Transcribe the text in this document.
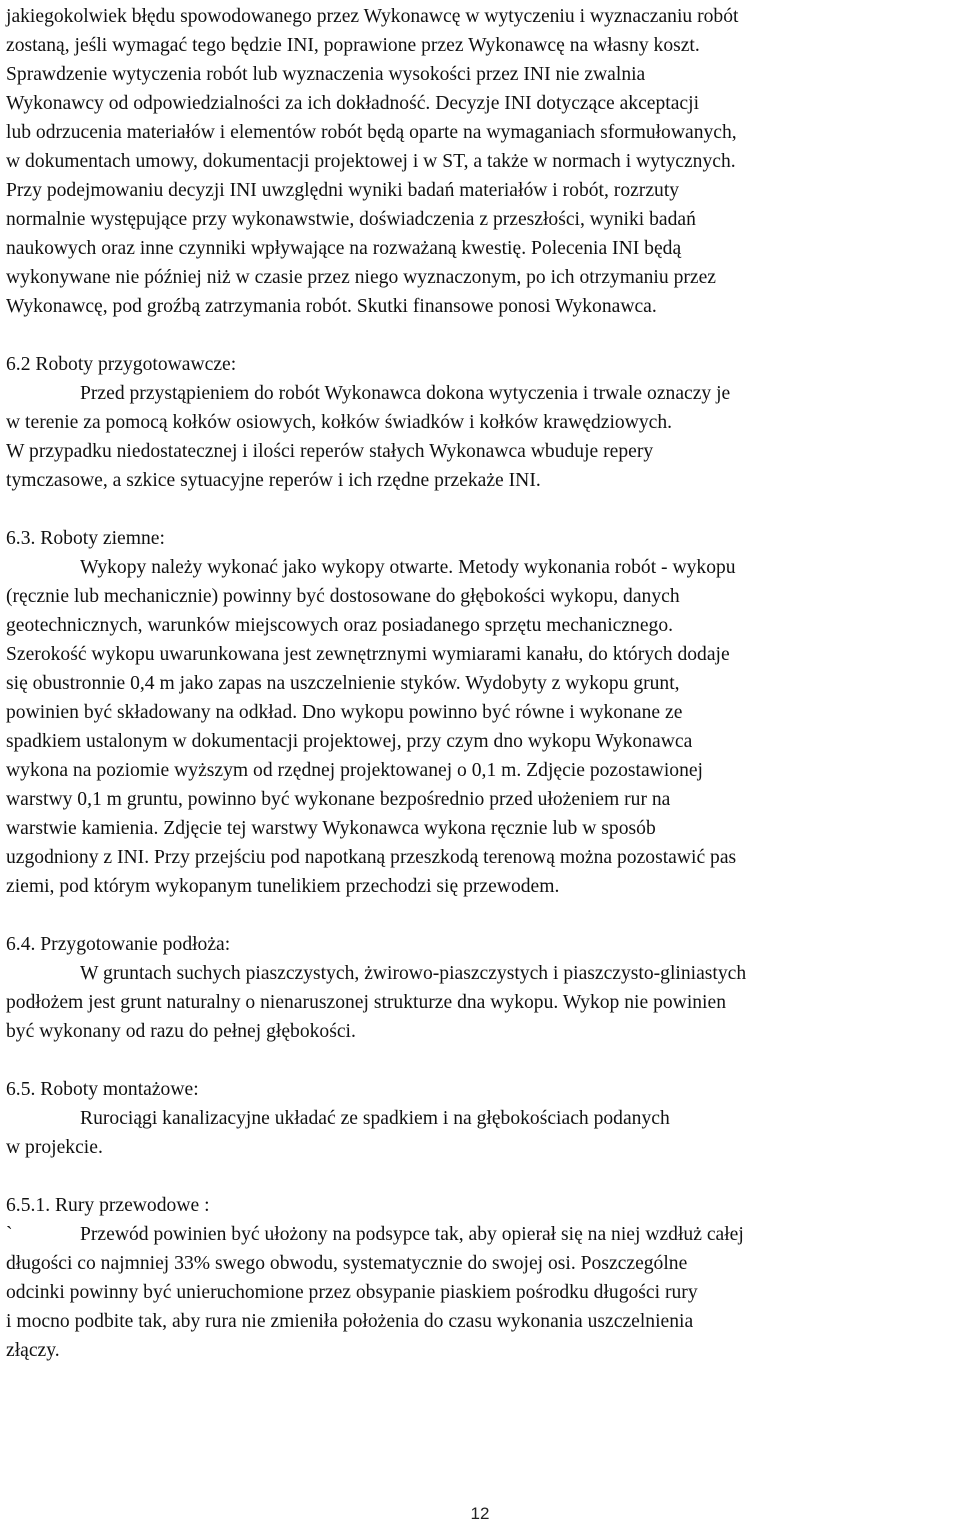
jakiegokolwiek błędu spowodowanego przez Wykonawcę w wytyczeniu i wyznaczaniu robót
zostaną, jeśli wymagać tego będzie INI, poprawione przez Wykonawcę na własny koszt.
Sprawdzenie wytyczenia robót lub wyznaczenia wysokości przez INI nie zwalnia
Wykonawcy od odpowiedzialności za ich dokładność. Decyzje INI dotyczące akceptacji
lub odrzucenia materiałów i elementów robót będą oparte na wymaganiach sformułowanych,
w dokumentach umowy, dokumentacji projektowej i w ST, a także w normach i wytycznych.
Przy podejmowaniu decyzji INI uwzględni wyniki badań materiałów i robót, rozrzuty
normalnie występujące przy wykonawstwie, doświadczenia z przeszłości, wyniki badań
naukowych oraz inne czynniki wpływające na rozważaną kwestię. Polecenia INI będą
wykonywane nie później niż w czasie przez niego wyznaczonym, po ich otrzymaniu przez
Wykonawcę, pod groźbą zatrzymania robót. Skutki finansowe ponosi Wykonawca.

6.2 Roboty przygotowawcze:
Przed przystąpieniem do robót Wykonawca dokona wytyczenia i trwale oznaczy je
w terenie za pomocą kołków osiowych, kołków świadków i kołków krawędziowych.
W przypadku niedostatecznej i ilości reperów stałych Wykonawca wbuduje repery
tymczasowe, a szkice sytuacyjne reperów i ich rzędne przekaże INI.
6.3. Roboty ziemne:
Wykopy należy wykonać jako wykopy otwarte. Metody wykonania robót - wykopu
(ręcznie lub mechanicznie) powinny być dostosowane do głębokości wykopu, danych
geotechnicznych, warunków miejscowych oraz posiadanego sprzętu mechanicznego.
Szerokość wykopu uwarunkowana jest zewnętrznymi wymiarami kanału, do których dodaje
się obustronnie 0,4 m jako zapas na uszczelnienie styków. Wydobyty z wykopu grunt,
powinien być składowany na odkład. Dno wykopu powinno być równe i wykonane ze
spadkiem ustalonym w dokumentacji projektowej, przy czym dno wykopu Wykonawca
wykona na poziomie wyższym od rzędnej projektowanej o 0,1 m. Zdjęcie pozostawionej
warstwy 0,1 m gruntu, powinno być wykonane bezpośrednio przed ułożeniem rur na
warstwie kamienia. Zdjęcie tej warstwy Wykonawca wykona ręcznie lub w sposób
uzgodniony z INI. Przy przejściu pod napotkaną przeszkodą terenową można pozostawić pas
ziemi, pod którym wykopanym tunelikiem przechodzi się przewodem.
6.4. Przygotowanie podłoża:
W gruntach suchych piaszczystych, żwirowo-piaszczystych i piaszczysto-gliniastych
podłożem jest grunt naturalny o nienaruszonej strukturze dna wykopu. Wykop nie powinien
być wykonany od razu do pełnej głębokości.
6.5. Roboty montażowe:
Rurociągi kanalizacyjne układać ze spadkiem i na głębokościach podanych
w projekcie.
6.5.1. Rury przewodowe :
`	Przewód powinien być ułożony na podsypce tak, aby opierał się na niej wzdłuż całej
długości co najmniej 33% swego obwodu, systematycznie do swojej osi. Poszczególne
odcinki powinny być unieruchomione przez obsypanie piaskiem pośrodku długości rury
i mocno podbite tak, aby rura nie zmieniła położenia do czasu wykonania uszczelnienia
złączy.
12
